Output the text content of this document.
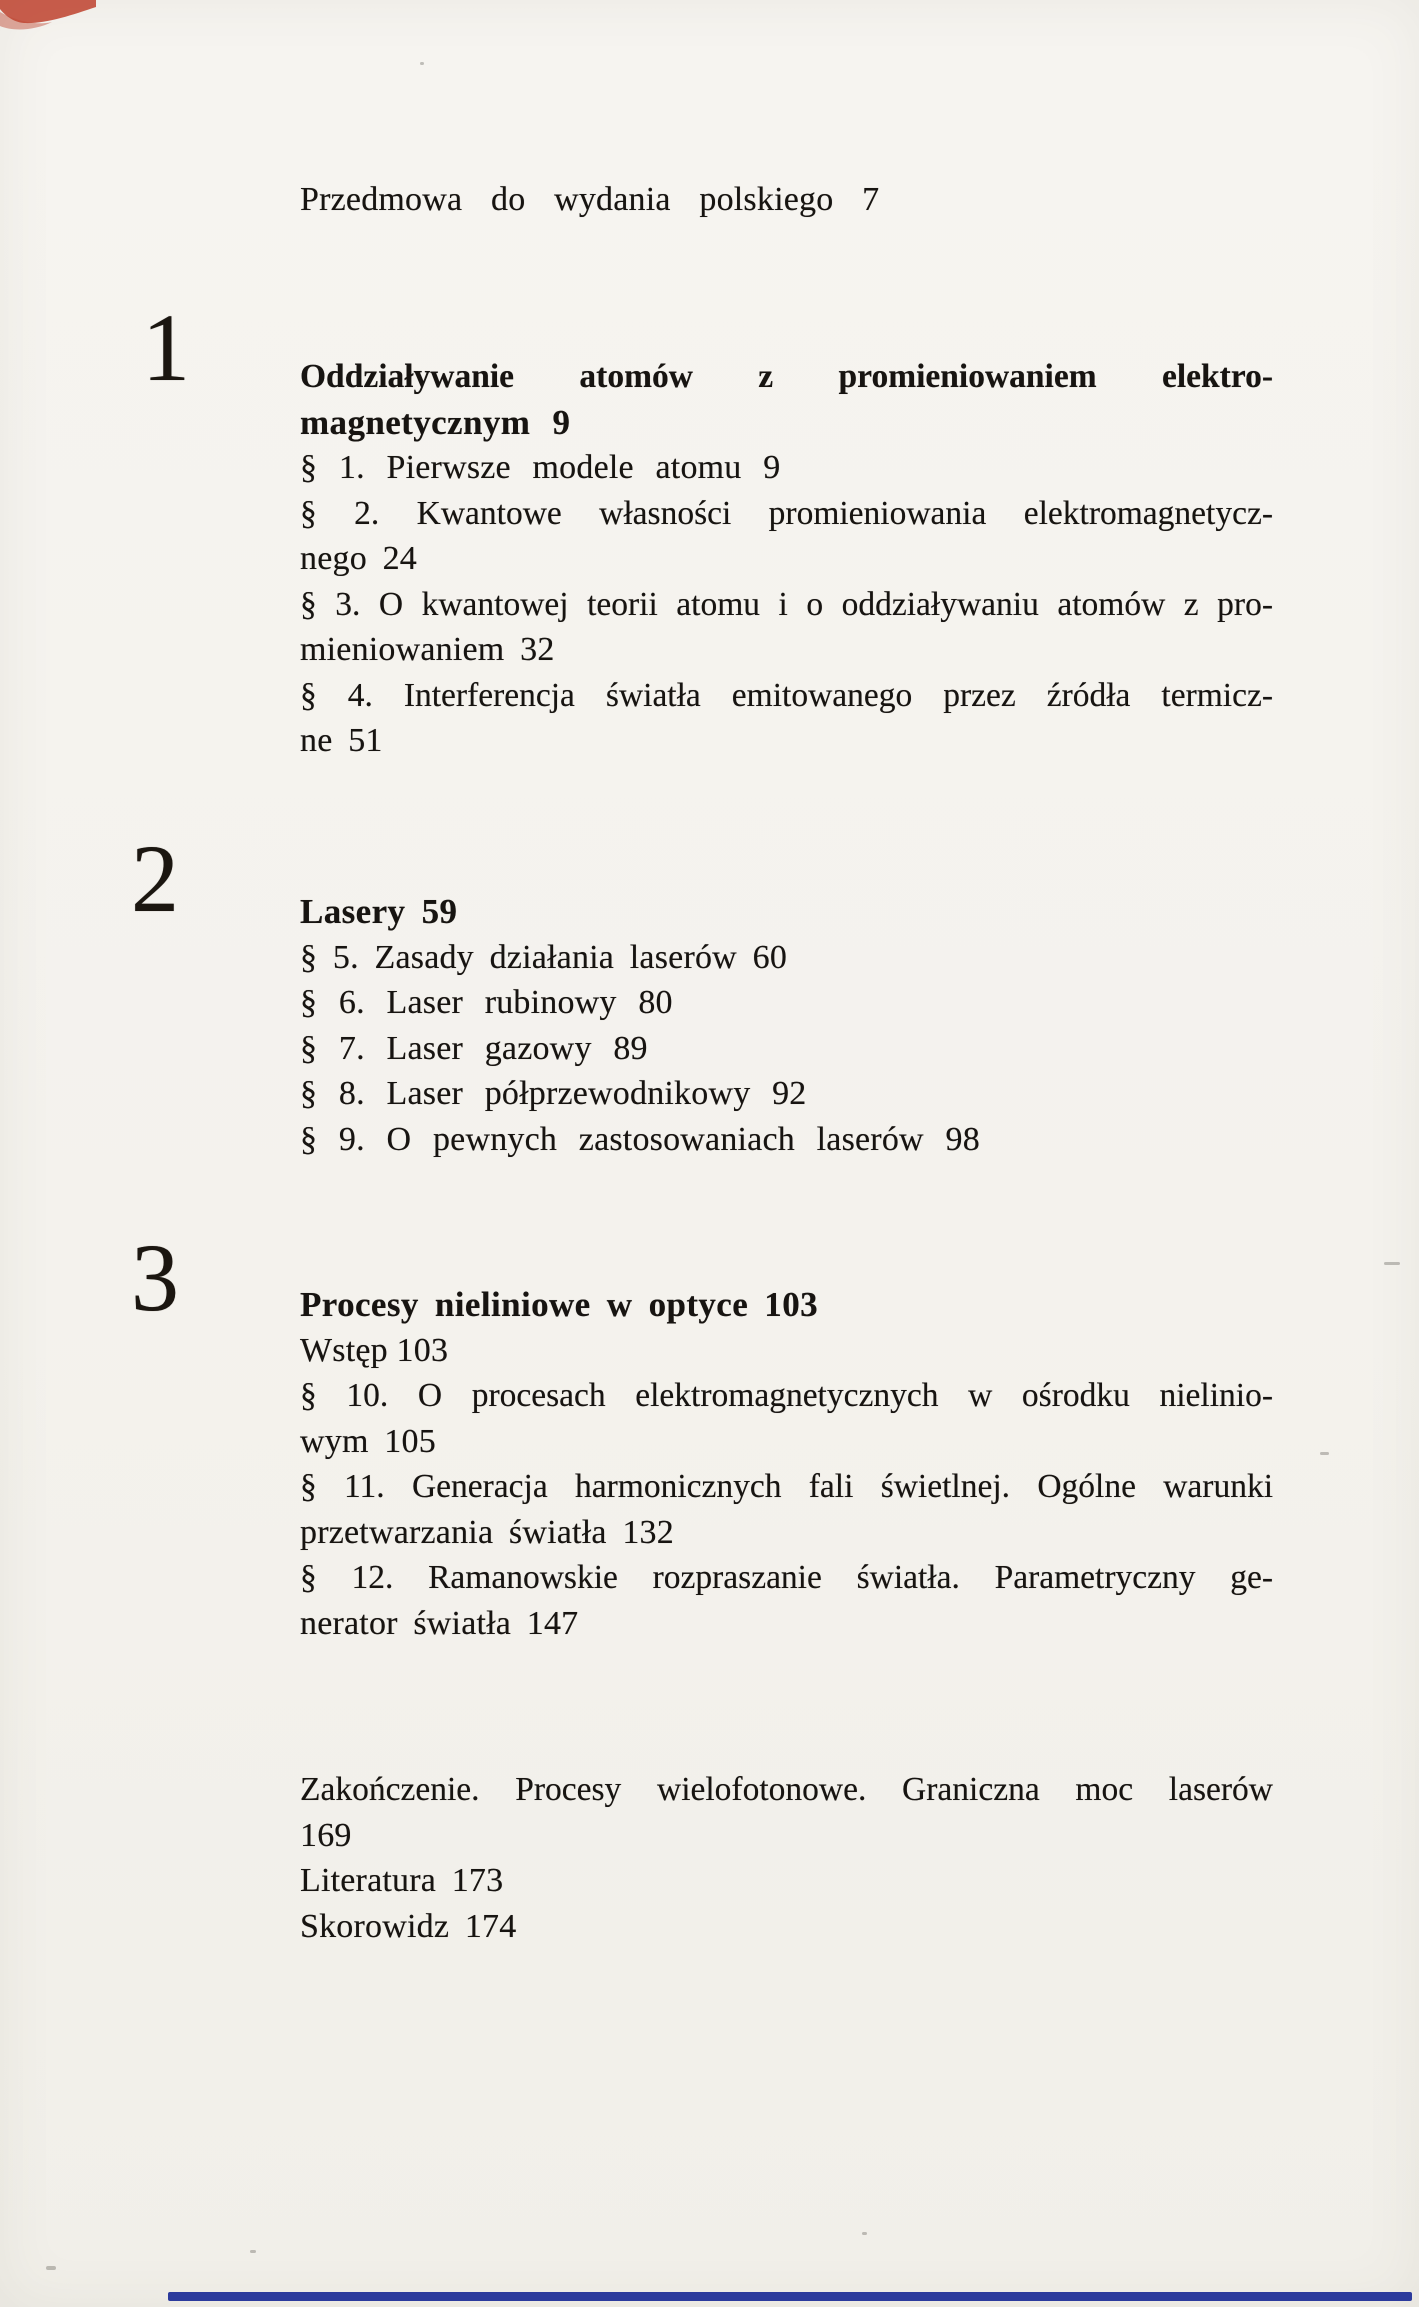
Przedmowa do wydania polskiego 7
1	Oddziaływanie atomów z promieniowaniem elektro-
magnetycznym 9
§ 1. Pierwsze modele atomu 9
§ 2. Kwantowe własności promieniowania elektromagnetycz-
nego 24
§ 3. O kwantowej teorii atomu i o oddziaływaniu atomów z pro-
mieniowaniem 32
§ 4. Interferencja światła emitowanego przez źródła termicz-
ne 51
2	Lasery 59
§ 5. Zasady działania laserów 60
§ 6. Laser rubinowy 80
§ 7. Laser gazowy 89
§ 8. Laser półprzewodnikowy 92
§ 9. O pewnych zastosowaniach laserów 98
3	Procesy nieliniowe w optyce 103
Wstęp 103
§ 10. O procesach elektromagnetycznych w ośrodku nielinio-
wym 105
§ 11. Generacja harmonicznych fali świetlnej. Ogólne warunki
przetwarzania światła 132
§ 12. Ramanowskie rozpraszanie światła. Parametryczny ge-
nerator światła 147
Zakończenie. Procesy wielofotonowe. Graniczna moc laserów
169
Literatura 173
Skorowidz 174
